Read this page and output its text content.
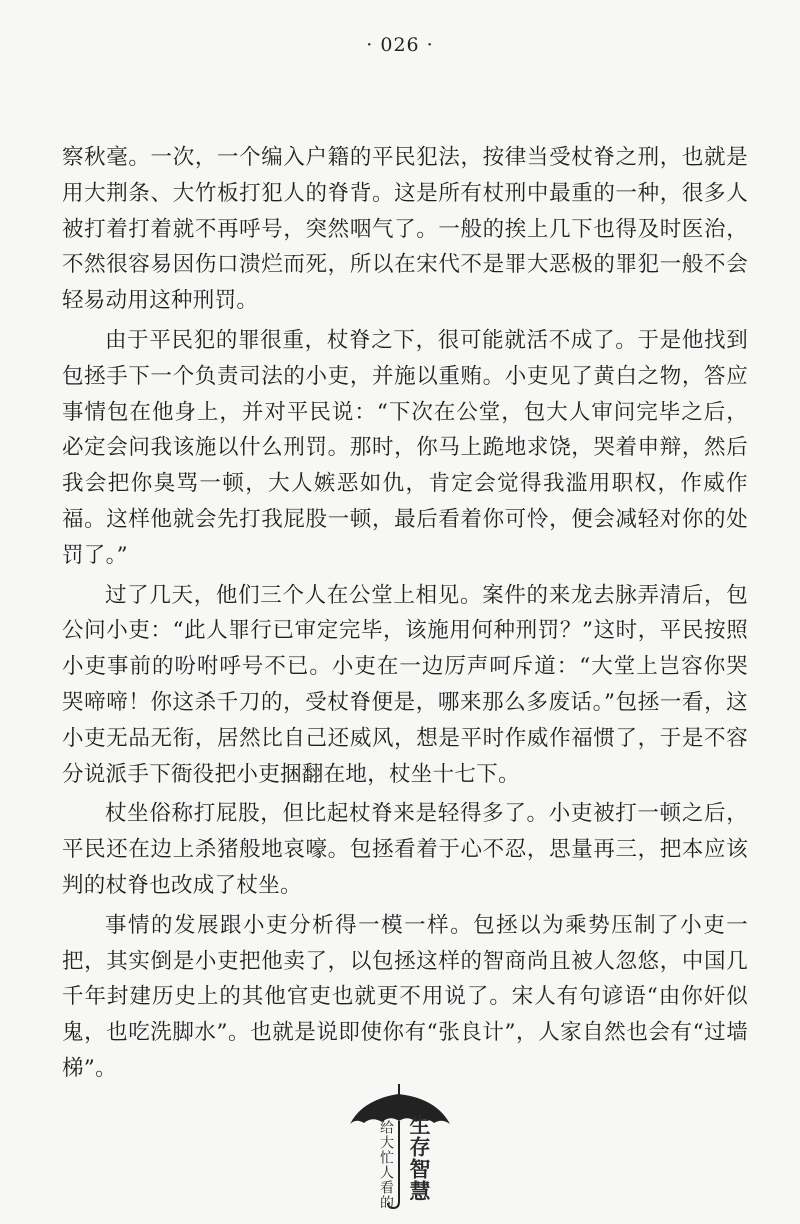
· 026 ·

察秋毫。一次，一个编入户籍的平民犯法，按律当受杖脊之刑，也就是用大荆条、大竹板打犯人的脊背。这是所有杖刑中最重的一种，很多人被打着打着就不再呼号，突然咽气了。一般的挨上几下也得及时医治，不然很容易因伤口溃烂而死，所以在宋代不是罪大恶极的罪犯一般不会轻易动用这种刑罚。

由于平民犯的罪很重，杖脊之下，很可能就活不成了。于是他找到包拯手下一个负责司法的小吏，并施以重贿。小吏见了黄白之物，答应事情包在他身上，并对平民说：“下次在公堂，包大人审问完毕之后，必定会问我该施以什么刑罚。那时，你马上跪地求饶，哭着申辩，然后我会把你臭骂一顿，大人嫉恶如仇，肯定会觉得我滥用职权，作威作福。这样他就会先打我屁股一顿，最后看着你可怜，便会减轻对你的处罚了。”

过了几天，他们三个人在公堂上相见。案件的来龙去脉弄清后，包公问小吏：“此人罪行已审定完毕，该施用何种刑罚？”这时，平民按照小吏事前的吩咐呼号不已。小吏在一边厉声呵斥道：“大堂上岂容你哭哭啼啼！你这杀千刀的，受杖脊便是，哪来那么多废话。”包拯一看，这小吏无品无衔，居然比自己还威风，想是平时作威作福惯了，于是不容分说派手下衙役把小吏捆翻在地，杖坐十七下。

杖坐俗称打屁股，但比起杖脊来是轻得多了。小吏被打一顿之后，平民还在边上杀猪般地哀嚎。包拯看着于心不忍，思量再三，把本应该判的杖脊也改成了杖坐。

事情的发展跟小吏分析得一模一样。包拯以为乘势压制了小吏一把，其实倒是小吏把他卖了，以包拯这样的智商尚且被人忽悠，中国几千年封建历史上的其他官吏也就更不用说了。宋人有句谚语“由你奸似鬼，也吃洗脚水”。也就是说即使你有“张良计”，人家自然也会有“过墙梯”。

给大忙人看的 生存智慧
